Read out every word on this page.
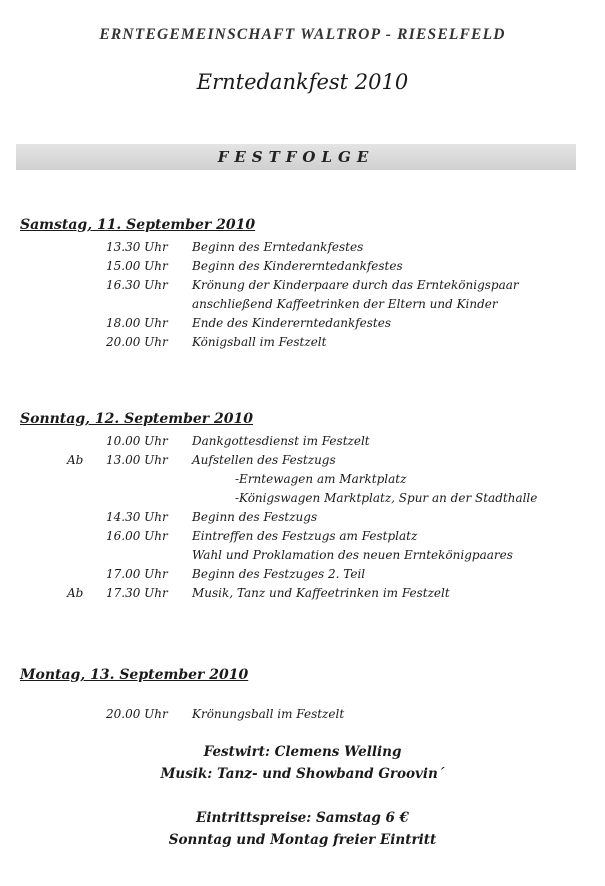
ERNTEGEMEINSCHAFT WALTROP - RIESELFELD
Erntedankfest 2010
FESTFOLGE
Samstag, 11. September 2010
13.30 Uhr Beginn des Erntedankfestes
15.00 Uhr Beginn des Kindererntedankfestes
16.30 Uhr Krönung der Kinderpaare durch das Erntekönigspaar
anschließend Kaffeetrinken der Eltern und Kinder
18.00 Uhr Ende des Kindererntedankfestes
20.00 Uhr Königsball im Festzelt
Sonntag, 12. September 2010
10.00 Uhr Dankgottesdienst im Festzelt
Ab 13.00 Uhr Aufstellen des Festzugs
-Erntewagen am Marktplatz
-Königswagen Marktplatz, Spur an der Stadthalle
14.30 Uhr Beginn des Festzugs
16.00 Uhr Eintreffen des Festzugs am Festplatz
Wahl und Proklamation des neuen Erntekönigpaares
17.00 Uhr Beginn des Festzuges 2. Teil
Ab 17.30 Uhr Musik, Tanz und Kaffeetrinken im Festzelt
Montag, 13. September 2010
20.00 Uhr Krönungsball im Festzelt
Festwirt: Clemens Welling
Musik: Tanz- und Showband Groovin´
Eintrittspreise: Samstag 6 €
Sonntag und Montag freier Eintritt
